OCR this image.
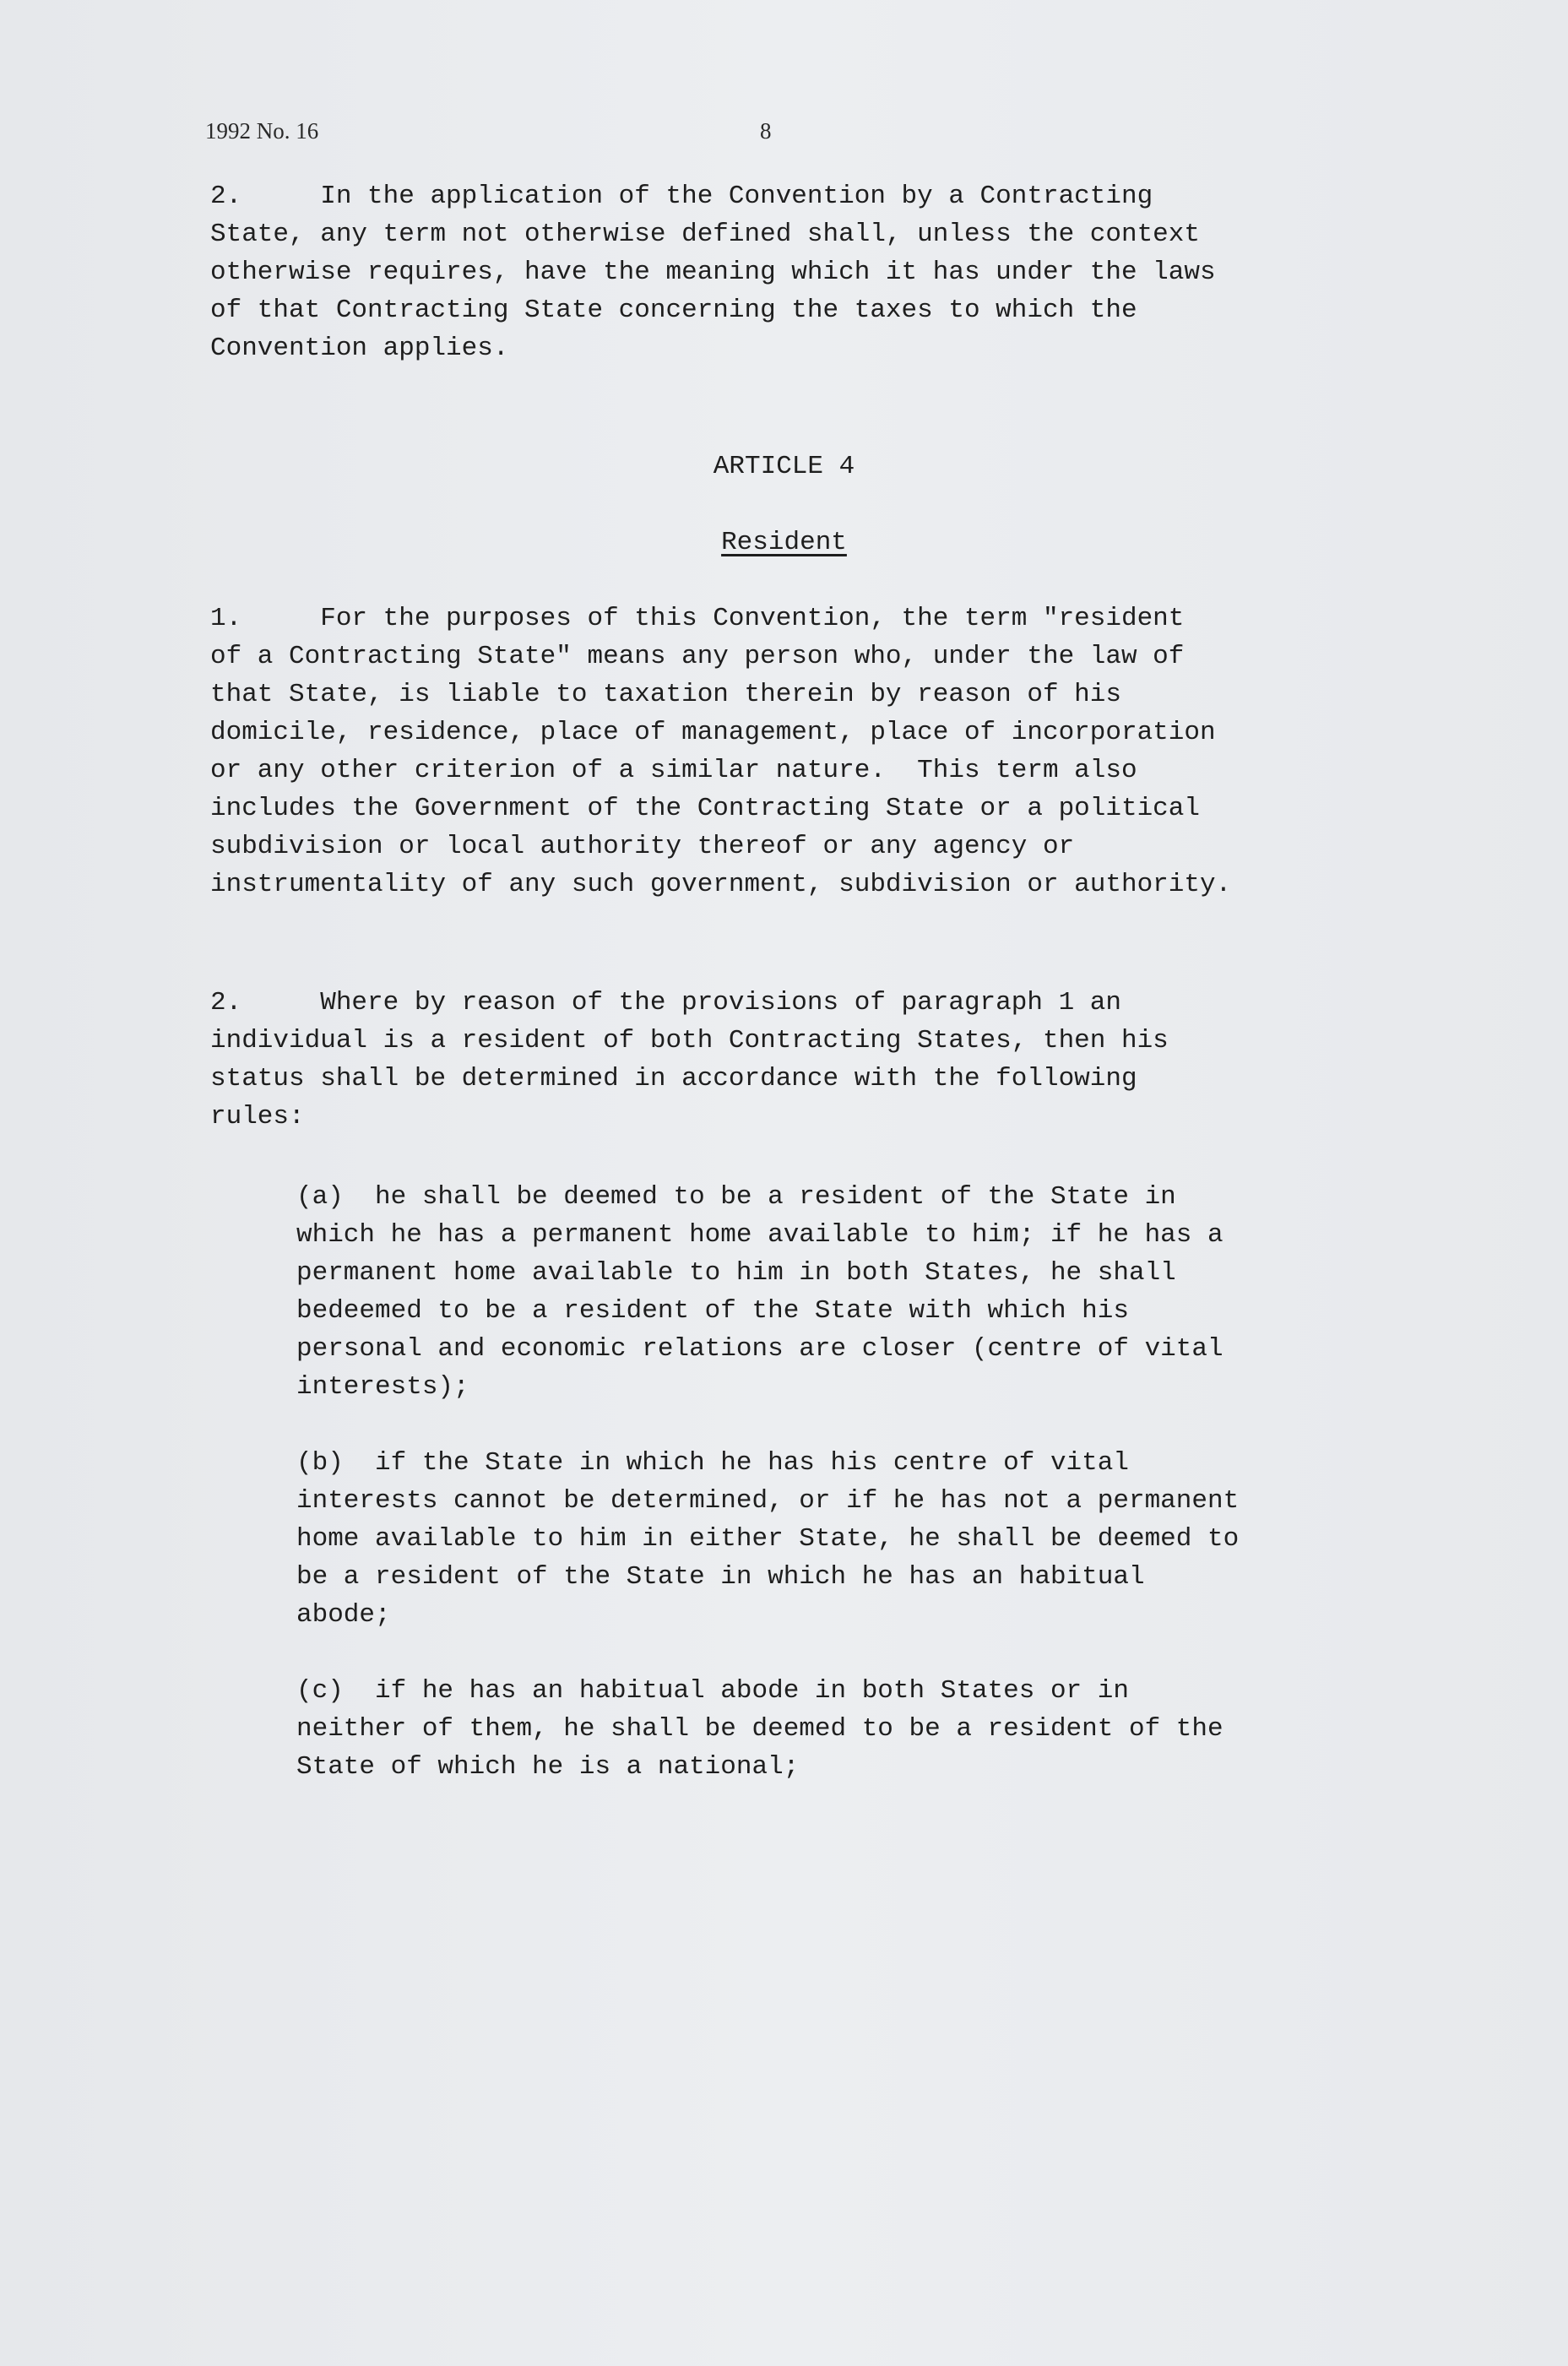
1992 No. 16	8

2.     In the application of the Convention by a Contracting
State, any term not otherwise defined shall, unless the context
otherwise requires, have the meaning which it has under the laws
of that Contracting State concerning the taxes to which the
Convention applies.

ARTICLE 4

Resident

1.     For the purposes of this Convention, the term "resident
of a Contracting State" means any person who, under the law of
that State, is liable to taxation therein by reason of his
domicile, residence, place of management, place of incorporation
or any other criterion of a similar nature.  This term also
includes the Government of the Contracting State or a political
subdivision or local authority thereof or any agency or
instrumentality of any such government, subdivision or authority.

2.     Where by reason of the provisions of paragraph 1 an
individual is a resident of both Contracting States, then his
status shall be determined in accordance with the following
rules:

(a)  he shall be deemed to be a resident of the State in
which he has a permanent home available to him; if he has a
permanent home available to him in both States, he shall
bedeemed to be a resident of the State with which his
personal and economic relations are closer (centre of vital
interests);

(b)  if the State in which he has his centre of vital
interests cannot be determined, or if he has not a permanent
home available to him in either State, he shall be deemed to
be a resident of the State in which he has an habitual
abode;

(c)  if he has an habitual abode in both States or in
neither of them, he shall be deemed to be a resident of the
State of which he is a national;
